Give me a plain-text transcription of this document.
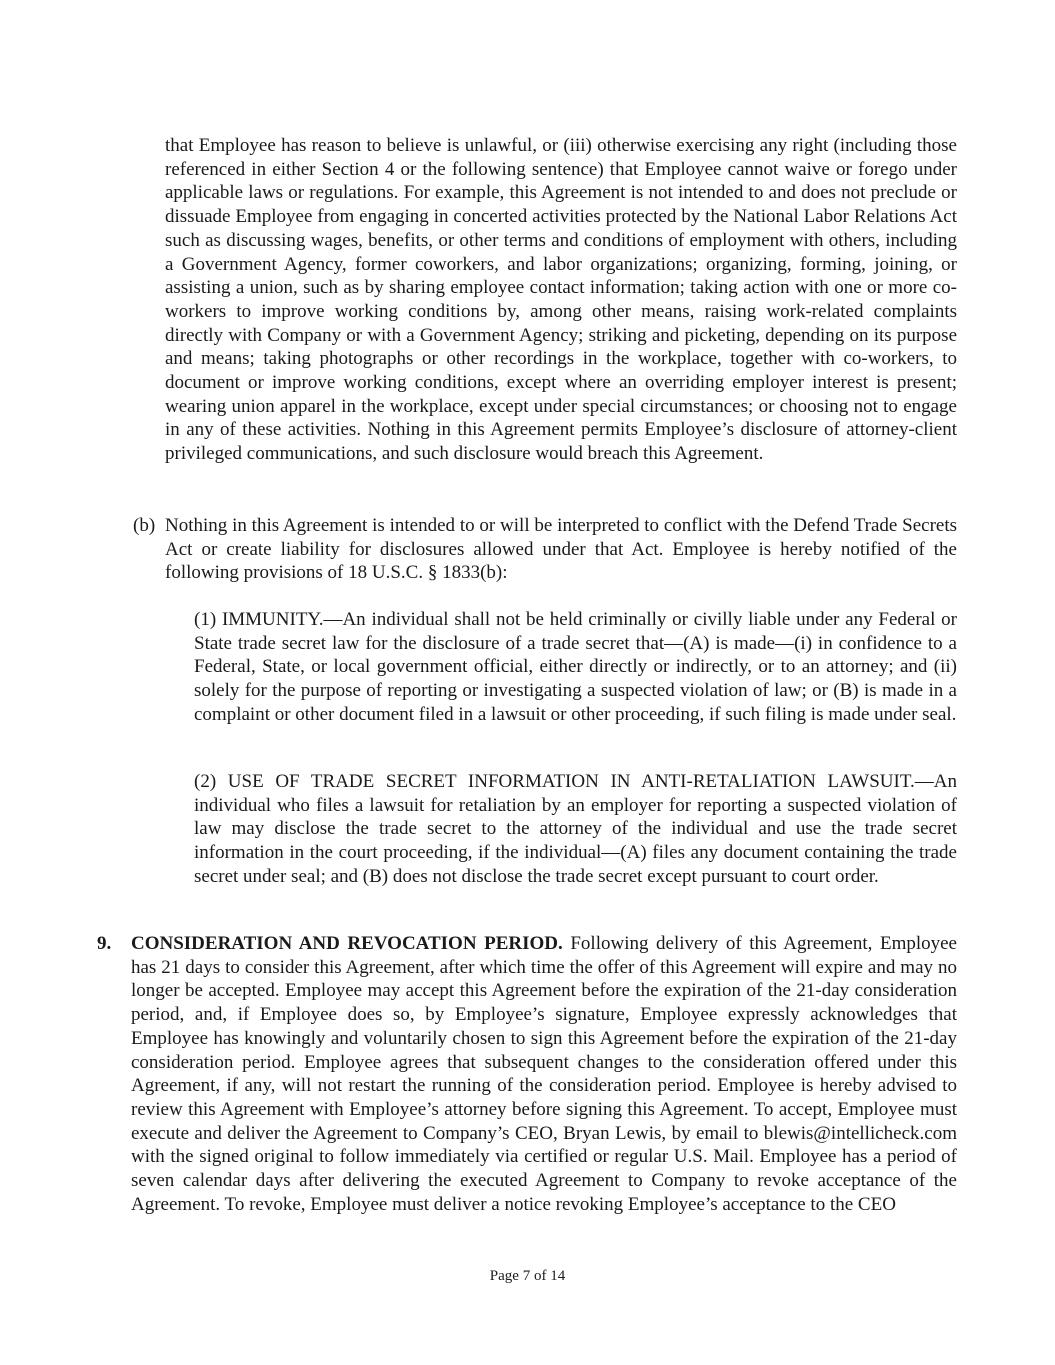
that Employee has reason to believe is unlawful, or (iii) otherwise exercising any right (including those referenced in either Section 4 or the following sentence) that Employee cannot waive or forego under applicable laws or regulations. For example, this Agreement is not intended to and does not preclude or dissuade Employee from engaging in concerted activities protected by the National Labor Relations Act such as discussing wages, benefits, or other terms and conditions of employment with others, including a Government Agency, former coworkers, and labor organizations; organizing, forming, joining, or assisting a union, such as by sharing employee contact information; taking action with one or more co-workers to improve working conditions by, among other means, raising work-related complaints directly with Company or with a Government Agency; striking and picketing, depending on its purpose and means; taking photographs or other recordings in the workplace, together with co-workers, to document or improve working conditions, except where an overriding employer interest is present; wearing union apparel in the workplace, except under special circumstances; or choosing not to engage in any of these activities. Nothing in this Agreement permits Employee’s disclosure of attorney-client privileged communications, and such disclosure would breach this Agreement.

(b) Nothing in this Agreement is intended to or will be interpreted to conflict with the Defend Trade Secrets Act or create liability for disclosures allowed under that Act. Employee is hereby notified of the following provisions of 18 U.S.C. § 1833(b):

(1) IMMUNITY.—An individual shall not be held criminally or civilly liable under any Federal or State trade secret law for the disclosure of a trade secret that—(A) is made—(i) in confidence to a Federal, State, or local government official, either directly or indirectly, or to an attorney; and (ii) solely for the purpose of reporting or investigating a suspected violation of law; or (B) is made in a complaint or other document filed in a lawsuit or other proceeding, if such filing is made under seal.

(2) USE OF TRADE SECRET INFORMATION IN ANTI-RETALIATION LAWSUIT.—An individual who files a lawsuit for retaliation by an employer for reporting a suspected violation of law may disclose the trade secret to the attorney of the individual and use the trade secret information in the court proceeding, if the individual—(A) files any document containing the trade secret under seal; and (B) does not disclose the trade secret except pursuant to court order.

9. CONSIDERATION AND REVOCATION PERIOD. Following delivery of this Agreement, Employee has 21 days to consider this Agreement, after which time the offer of this Agreement will expire and may no longer be accepted. Employee may accept this Agreement before the expiration of the 21-day consideration period, and, if Employee does so, by Employee’s signature, Employee expressly acknowledges that Employee has knowingly and voluntarily chosen to sign this Agreement before the expiration of the 21-day consideration period. Employee agrees that subsequent changes to the consideration offered under this Agreement, if any, will not restart the running of the consideration period. Employee is hereby advised to review this Agreement with Employee’s attorney before signing this Agreement. To accept, Employee must execute and deliver the Agreement to Company’s CEO, Bryan Lewis, by email to blewis@intellicheck.com with the signed original to follow immediately via certified or regular U.S. Mail. Employee has a period of seven calendar days after delivering the executed Agreement to Company to revoke acceptance of the Agreement. To revoke, Employee must deliver a notice revoking Employee’s acceptance to the CEO

Page 7 of 14
